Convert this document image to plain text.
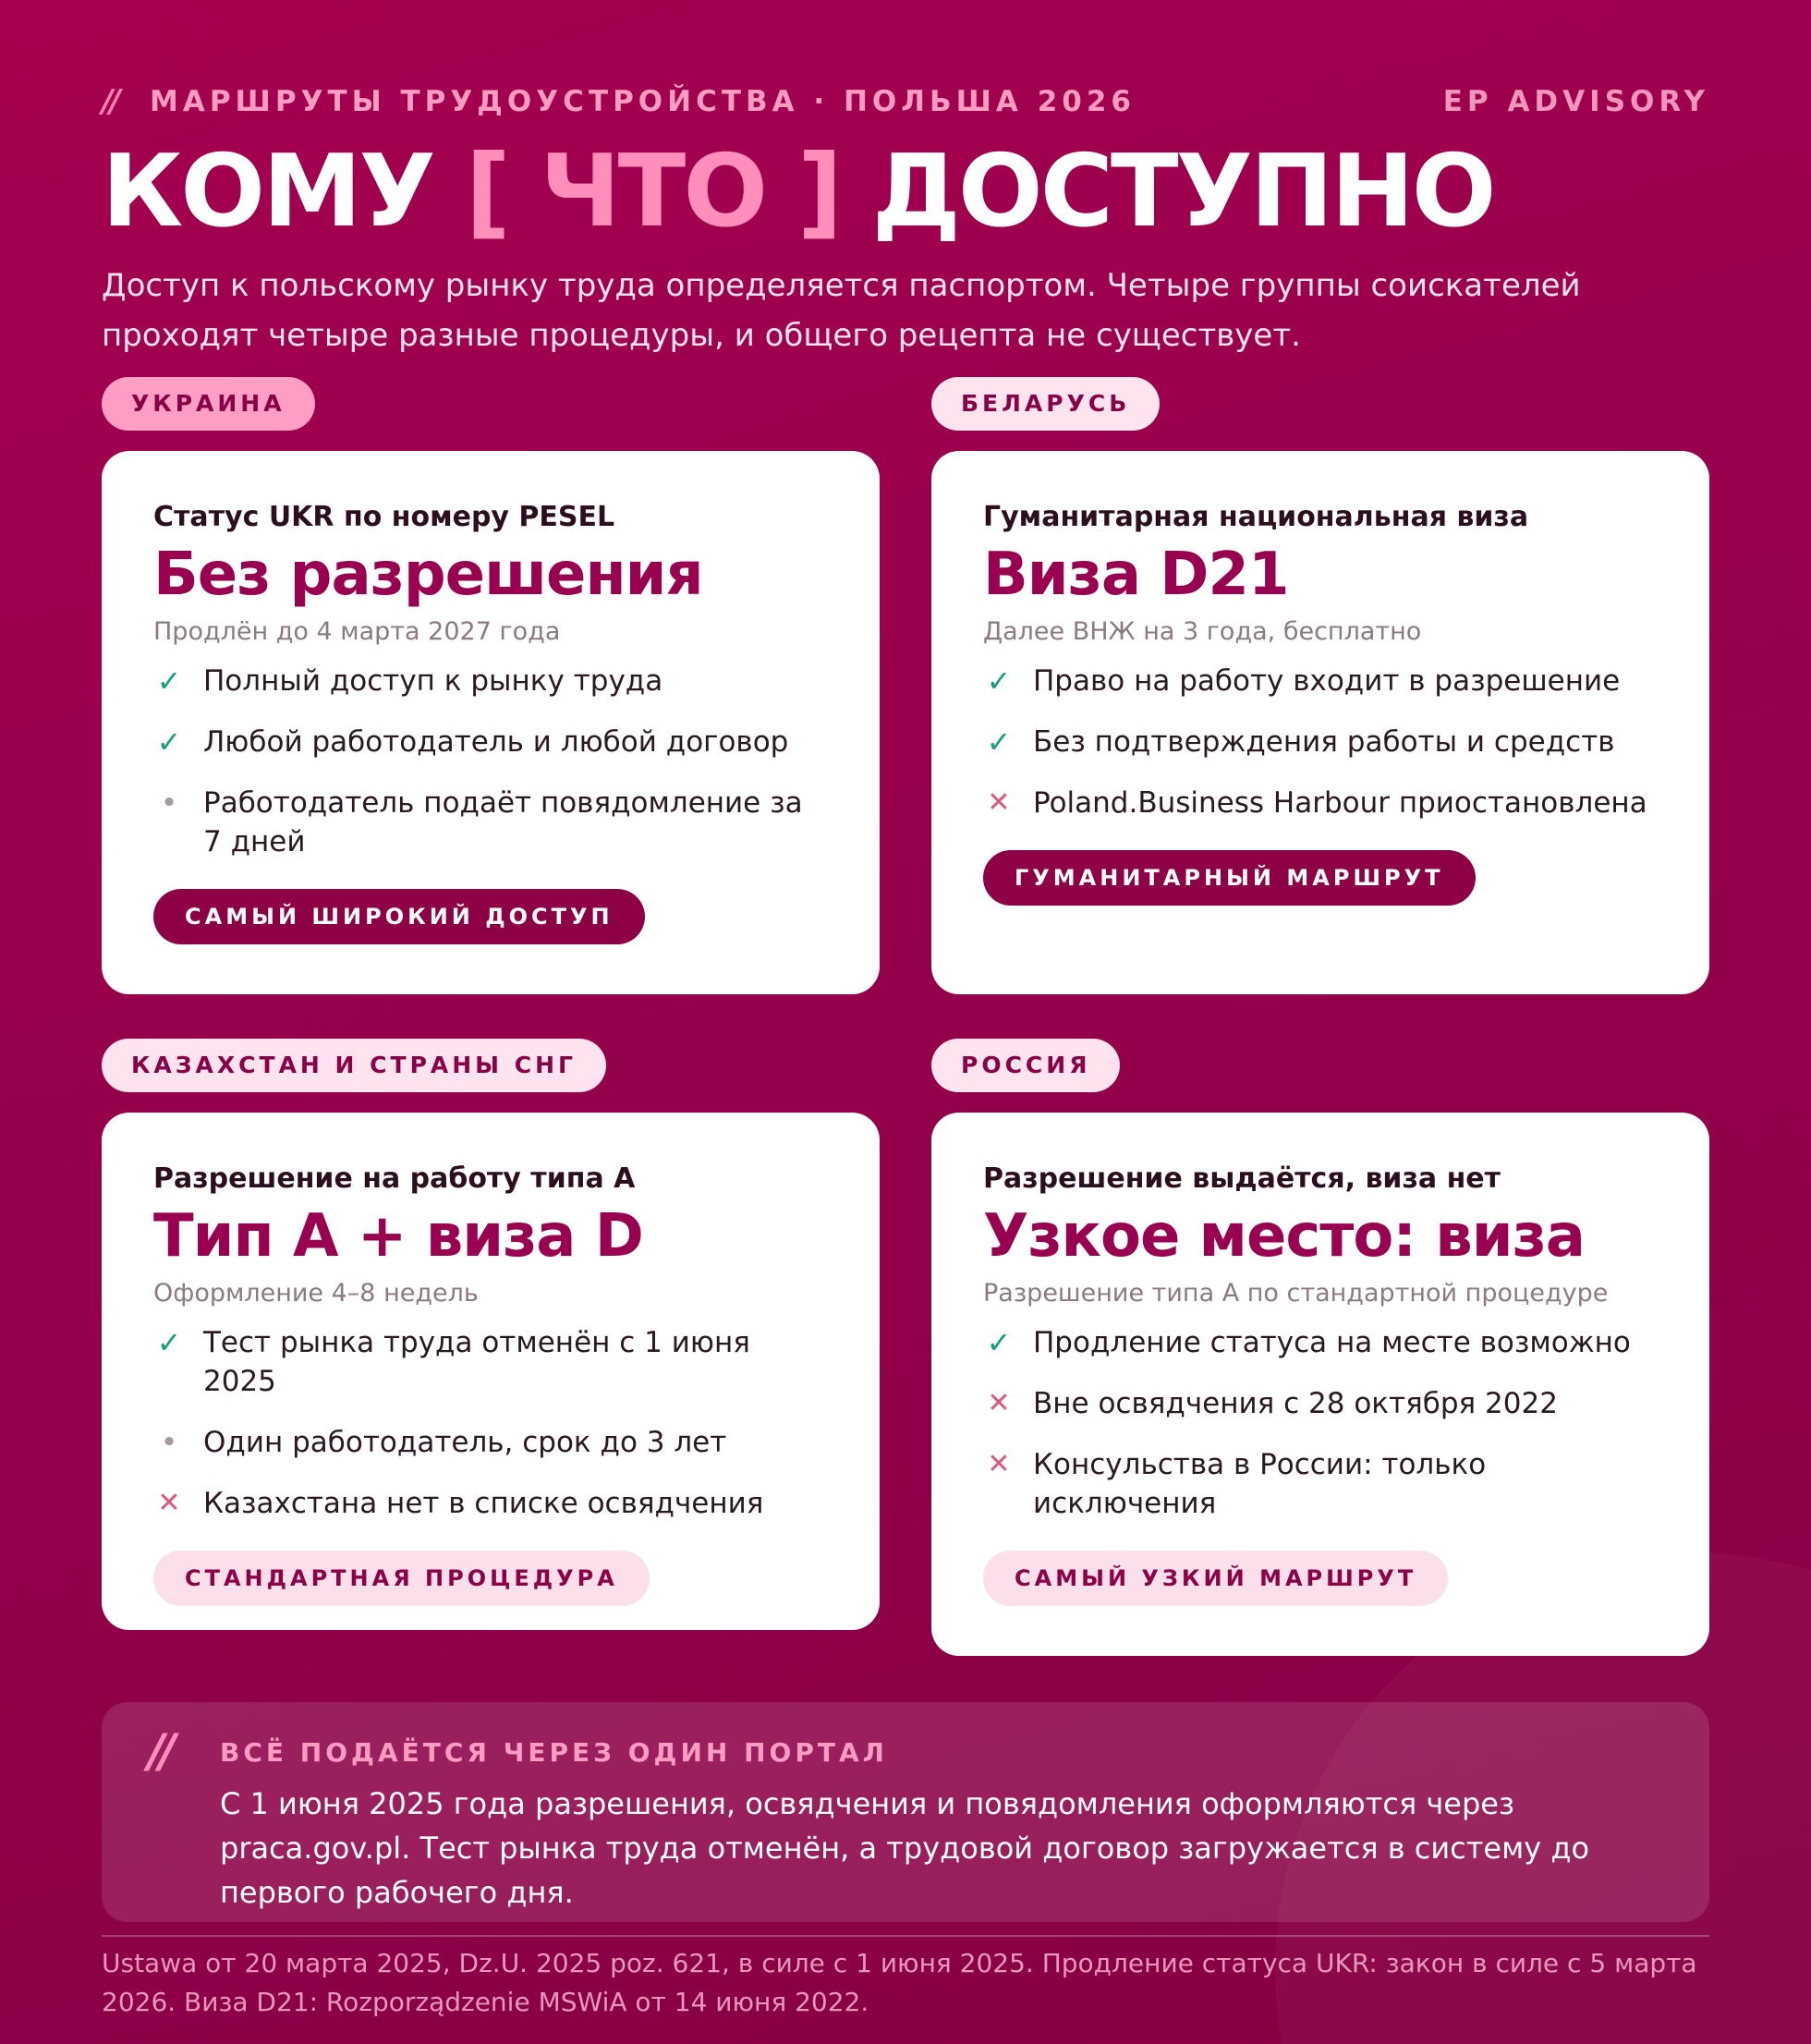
// МАРШРУТЫ ТРУДОУСТРОЙСТВА · ПОЛЬША 2026	EP ADVISORY
КОМУ [ ЧТО ] ДОСТУПНО

Доступ к польскому рынку труда определяется паспортом. Четыре группы соискателей проходят четыре разные процедуры, и общего рецепта не существует.

УКРАИНА
Статус UKR по номеру PESEL
Без разрешения
Продлён до 4 марта 2027 года
✓ Полный доступ к рынку труда
✓ Любой работодатель и любой договор
• Работодатель подаёт повядомление за 7 дней
САМЫЙ ШИРОКИЙ ДОСТУП
БЕЛАРУСЬ
Гуманитарная национальная виза
Виза D21
Далее ВНЖ на 3 года, бесплатно
✓ Право на работу входит в разрешение
✓ Без подтверждения работы и средств
✕ Poland.Business Harbour приостановлена
ГУМАНИТАРНЫЙ МАРШРУТ
КАЗАХСТАН И СТРАНЫ СНГ
Разрешение на работу типа А
Тип А + виза D
Оформление 4–8 недель
✓ Тест рынка труда отменён с 1 июня 2025
• Один работодатель, срок до 3 лет
✕ Казахстана нет в списке освядчения
СТАНДАРТНАЯ ПРОЦЕДУРА
РОССИЯ
Разрешение выдаётся, виза нет
Узкое место: виза
Разрешение типа А по стандартной процедуре
✓ Продление статуса на месте возможно
✕ Вне освядчения с 28 октября 2022
✕ Консульства в России: только исключения
САМЫЙ УЗКИЙ МАРШРУТ
// ВСЁ ПОДАЁТСЯ ЧЕРЕЗ ОДИН ПОРТАЛ
С 1 июня 2025 года разрешения, освядчения и повядомления оформляются через praca.gov.pl. Тест рынка труда отменён, а трудовой договор загружается в систему до первого рабочего дня.
Ustawa от 20 марта 2025, Dz.U. 2025 poz. 621, в силе с 1 июня 2025. Продление статуса UKR: закон в силе с 5 марта 2026. Виза D21: Rozporządzenie MSWiA от 14 июня 2022.
